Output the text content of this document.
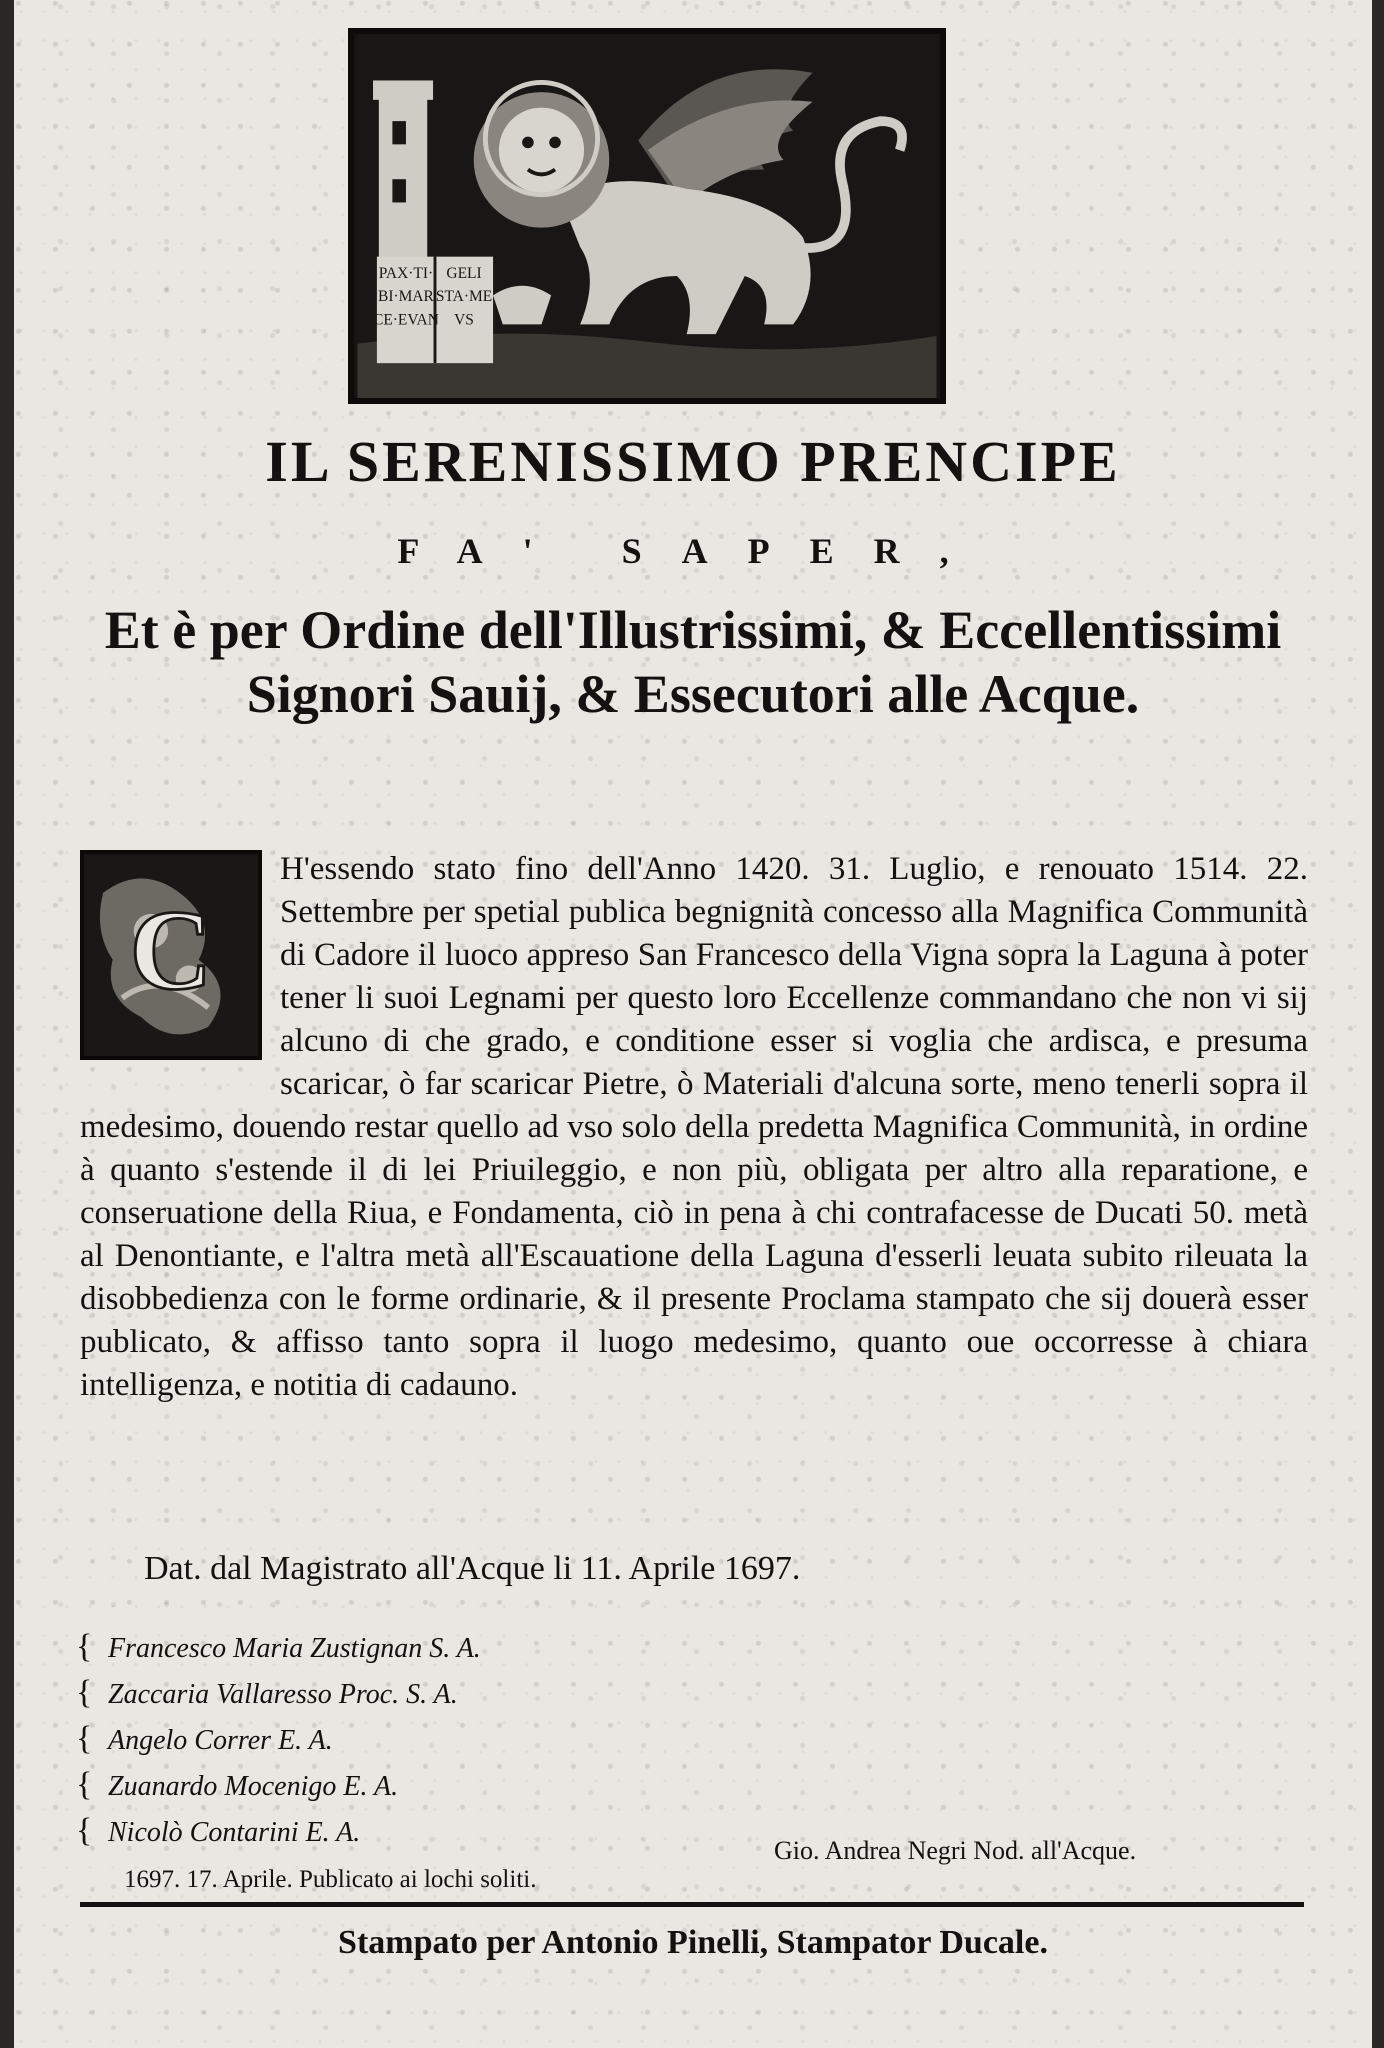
PAX·TI·
BI·MAR
CE·EVAN
GELI
STA·ME
VS
IL SERENISSIMO PRENCIPE
FA' SAPER,
Et è per Ordine dell'Illustrissimi, & Eccellentissimi Signori Sauij, & Essecutori alle Acque.
C
H'essendo stato fino dell'Anno 1420. 31. Luglio, e renouato 1514. 22. Settembre per spetial publica begnignità concesso alla Magnifica Communità di Cadore il luoco appreso San Francesco della Vigna sopra la Laguna à poter tener li suoi Legnami per questo loro Eccellenze commandano che non vi sij alcuno di che grado, e conditione esser si voglia che ardisca, e presuma scaricar, ò far scaricar Pietre, ò Materiali d'alcuna sorte, meno tenerli sopra il medesimo, douendo restar quello ad vso solo della predetta Magnifica Communità, in ordine à quanto s'estende il di lei Priuileggio, e non più, obligata per altro alla reparatione, e conseruatione della Riua, e Fondamenta, ciò in pena à chi contrafacesse de Ducati 50. metà al Denontiante, e l'altra metà all'Escauatione della Laguna d'esserli leuata subito rileuata la disobbedienza con le forme ordinarie, & il presente Proclama stampato che sij douerà esser publicato, & affisso tanto sopra il luogo medesimo, quanto oue occorresse à chiara intelligenza, e notitia di cadauno.

Dat. dal Magistrato all'Acque li 11. Aprile 1697.

{ Francesco Maria Zustignan S. A.
{ Zaccaria Vallaresso Proc. S. A.
{ Angelo Correr E. A.
{ Zuanardo Mocenigo E. A.
{ Nicolò Contarini E. A.
Gio. Andrea Negri Nod. all'Acque.
1697. 17. Aprile. Publicato ai lochi soliti.
Stampato per Antonio Pinelli, Stampator Ducale.
